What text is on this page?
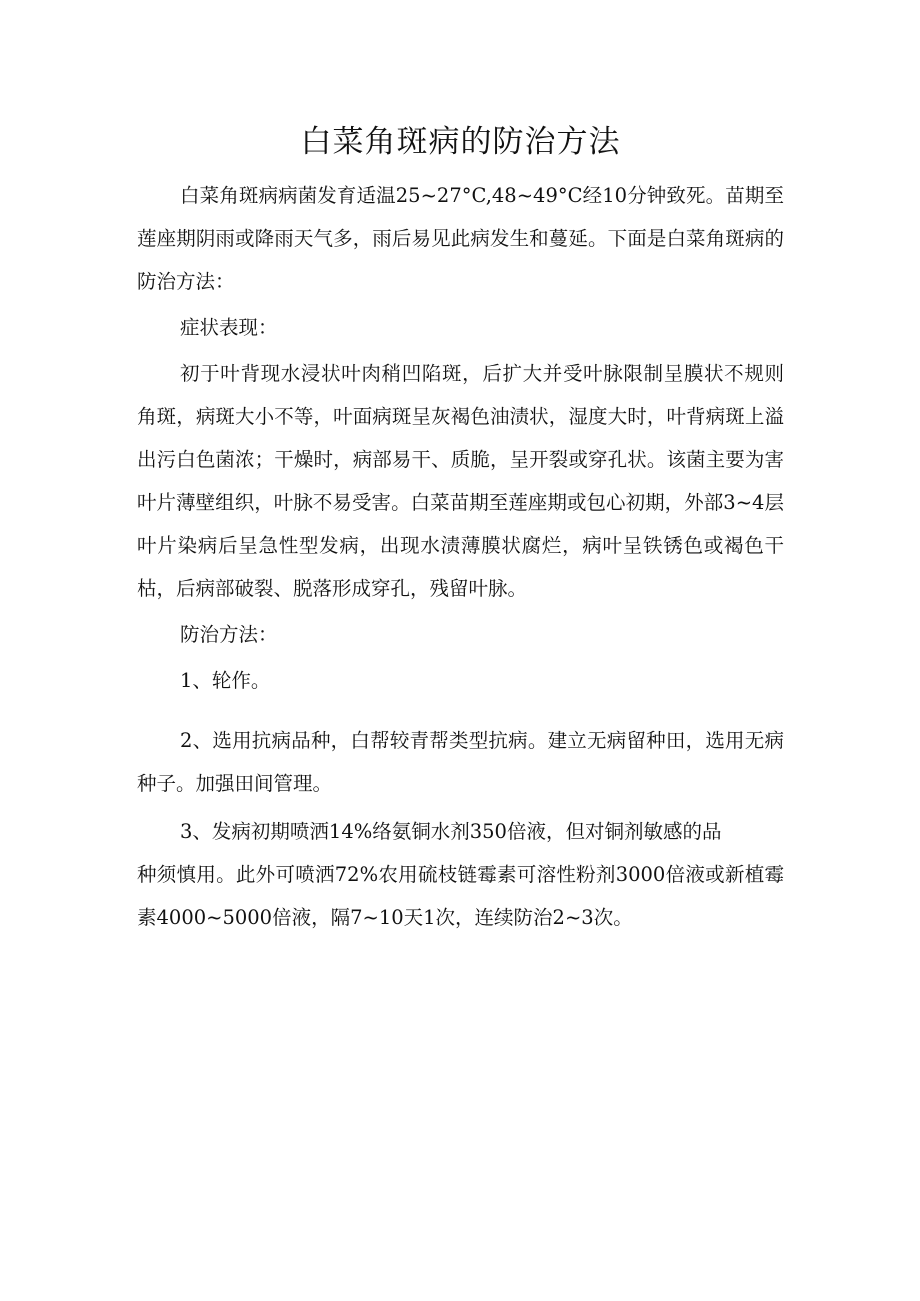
白菜角斑病的防治方法

白菜角斑病病菌发育适温25~27°C,48~49°C经10分钟致死。苗期至莲座期阴雨或降雨天气多，雨后易见此病发生和蔓延。下面是白菜角斑病的防治方法：

症状表现：

初于叶背现水浸状叶肉稍凹陷斑，后扩大并受叶脉限制呈膜状不规则角斑，病斑大小不等，叶面病斑呈灰褐色油渍状，湿度大时，叶背病斑上溢出污白色菌浓；干燥时，病部易干、质脆，呈开裂或穿孔状。该菌主要为害叶片薄壁组织，叶脉不易受害。白菜苗期至莲座期或包心初期，外部3~4层叶片染病后呈急性型发病，出现水渍薄膜状腐烂，病叶呈铁锈色或褐色干枯，后病部破裂、脱落形成穿孔，残留叶脉。

防治方法：

1、轮作。

2、选用抗病品种，白帮较青帮类型抗病。建立无病留种田，选用无病种子。加强田间管理。

3、发病初期喷洒14%络氨铜水剂350倍液，但对铜剂敏感的品

种须慎用。此外可喷洒72%农用硫枝链霉素可溶性粉剂3000倍液或新植霉素4000~5000倍液，隔7~10天1次，连续防治2~3次。
